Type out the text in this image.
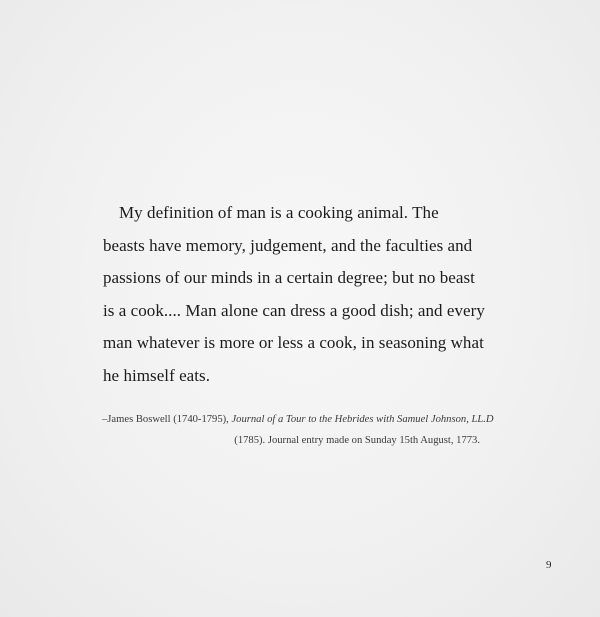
My definition of man is a cooking animal. The
beasts have memory, judgement, and the faculties and
passions of our minds in a certain degree; but no beast
is a cook.... Man alone can dress a good dish; and every
man whatever is more or less a cook, in seasoning what
he himself eats.

–James Boswell (1740-1795), Journal of a Tour to the Hebrides with Samuel Johnson, LL.D
(1785). Journal entry made on Sunday 15th August, 1773.
9
